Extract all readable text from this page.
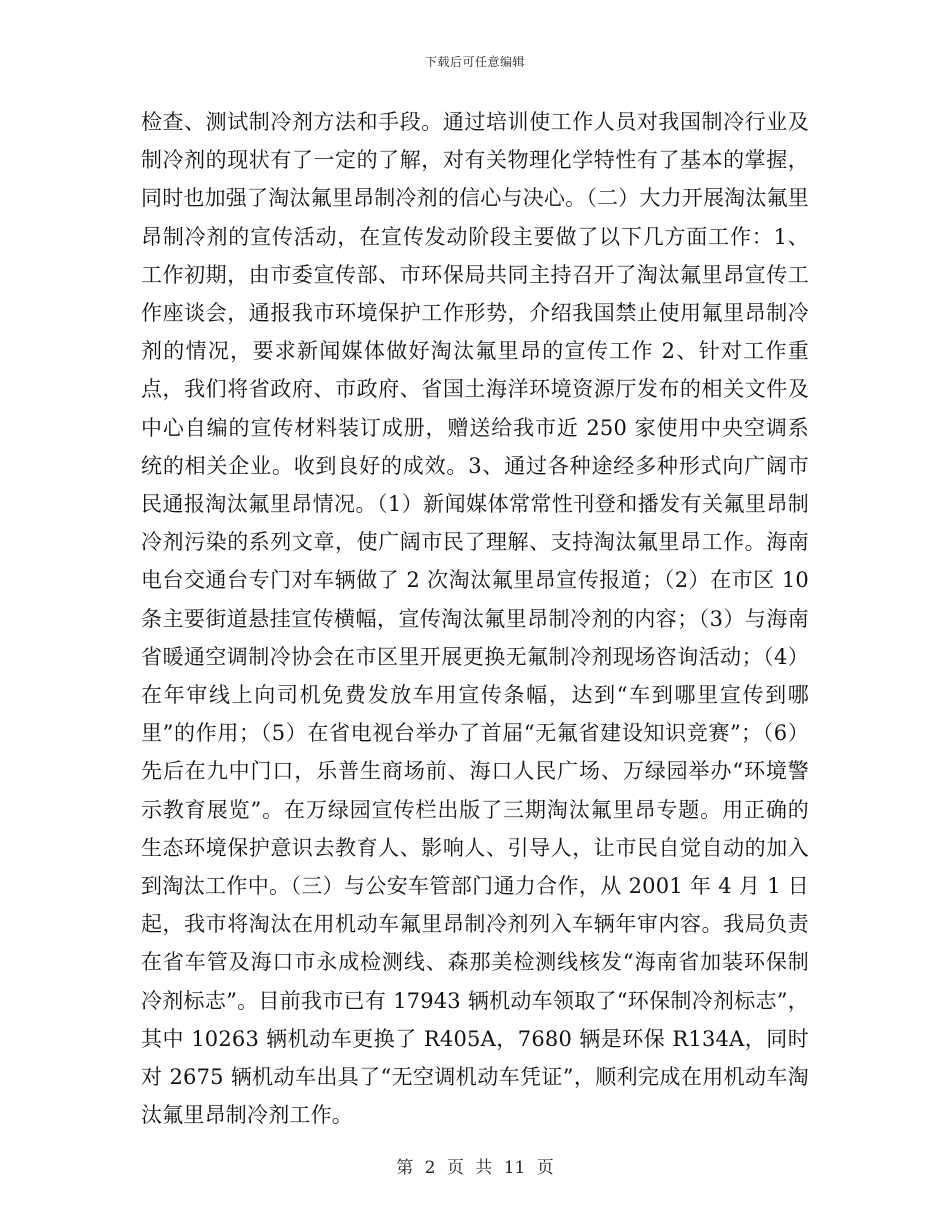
下载后可任意编辑

检查、测试制冷剂方法和手段。通过培训使工作人员对我国制冷行业及制冷剂的现状有了一定的了解，对有关物理化学特性有了基本的掌握，同时也加强了淘汰氟里昂制冷剂的信心与决心。（二）大力开展淘汰氟里昂制冷剂的宣传活动，在宣传发动阶段主要做了以下几方面工作：1、工作初期，由市委宣传部、市环保局共同主持召开了淘汰氟里昂宣传工作座谈会，通报我市环境保护工作形势，介绍我国禁止使用氟里昂制冷剂的情况，要求新闻媒体做好淘汰氟里昂的宣传工作 2、针对工作重点，我们将省政府、市政府、省国土海洋环境资源厅发布的相关文件及中心自编的宣传材料装订成册，赠送给我市近 250 家使用中央空调系统的相关企业。收到良好的成效。3、通过各种途经多种形式向广阔市民通报淘汰氟里昂情况。（1）新闻媒体常常性刊登和播发有关氟里昂制冷剂污染的系列文章，使广阔市民了理解、支持淘汰氟里昂工作。海南电台交通台专门对车辆做了 2 次淘汰氟里昂宣传报道；（2）在市区 10 条主要街道悬挂宣传横幅，宣传淘汰氟里昂制冷剂的内容；（3）与海南省暖通空调制冷协会在市区里开展更换无氟制冷剂现场咨询活动；（4）在年审线上向司机免费发放车用宣传条幅，达到“车到哪里宣传到哪里”的作用；（5）在省电视台举办了首届“无氟省建设知识竞赛”；（6）先后在九中门口，乐普生商场前、海口人民广场、万绿园举办“环境警示教育展览”。在万绿园宣传栏出版了三期淘汰氟里昂专题。用正确的生态环境保护意识去教育人、影响人、引导人，让市民自觉自动的加入到淘汰工作中。（三）与公安车管部门通力合作，从 2001 年 4 月 1 日起，我市将淘汰在用机动车氟里昂制冷剂列入车辆年审内容。我局负责在省车管及海口市永成检测线、森那美检测线核发“海南省加装环保制冷剂标志”。目前我市已有 17943 辆机动车领取了“环保制冷剂标志”，其中 10263 辆机动车更换了 R405A，7680 辆是环保 R134A，同时对 2675 辆机动车出具了“无空调机动车凭证”，顺利完成在用机动车淘汰氟里昂制冷剂工作。

第 2 页 共 11 页
